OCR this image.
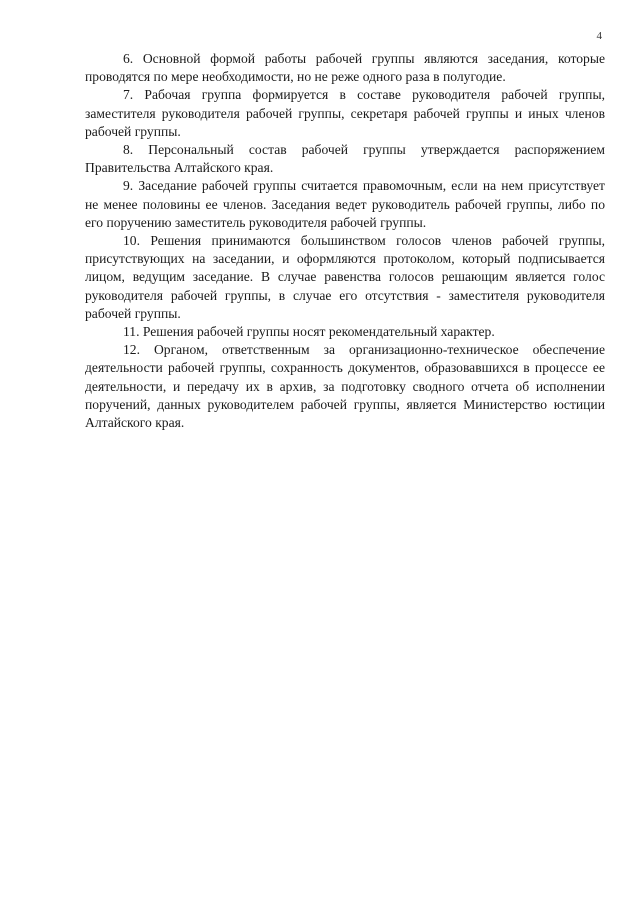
4

6. Основной формой работы рабочей группы являются заседания, которые проводятся по мере необходимости, но не реже одного раза в полугодие.

7. Рабочая группа формируется в составе руководителя рабочей группы, заместителя руководителя рабочей группы, секретаря рабочей группы и иных членов рабочей группы.

8. Персональный состав рабочей группы утверждается распоряжением Правительства Алтайского края.

9. Заседание рабочей группы считается правомочным, если на нем присутствует не менее половины ее членов. Заседания ведет руководитель рабочей группы, либо по его поручению заместитель руководителя рабочей группы.

10. Решения принимаются большинством голосов членов рабочей группы, присутствующих на заседании, и оформляются протоколом, который подписывается лицом, ведущим заседание. В случае равенства голосов решающим является голос руководителя рабочей группы, в случае его отсутствия - заместителя руководителя рабочей группы.

11. Решения рабочей группы носят рекомендательный характер.

12. Органом, ответственным за организационно-техническое обеспечение деятельности рабочей группы, сохранность документов, образовавшихся в процессе ее деятельности, и передачу их в архив, за подготовку сводного отчета об исполнении поручений, данных руководителем рабочей группы, является Министерство юстиции Алтайского края.
